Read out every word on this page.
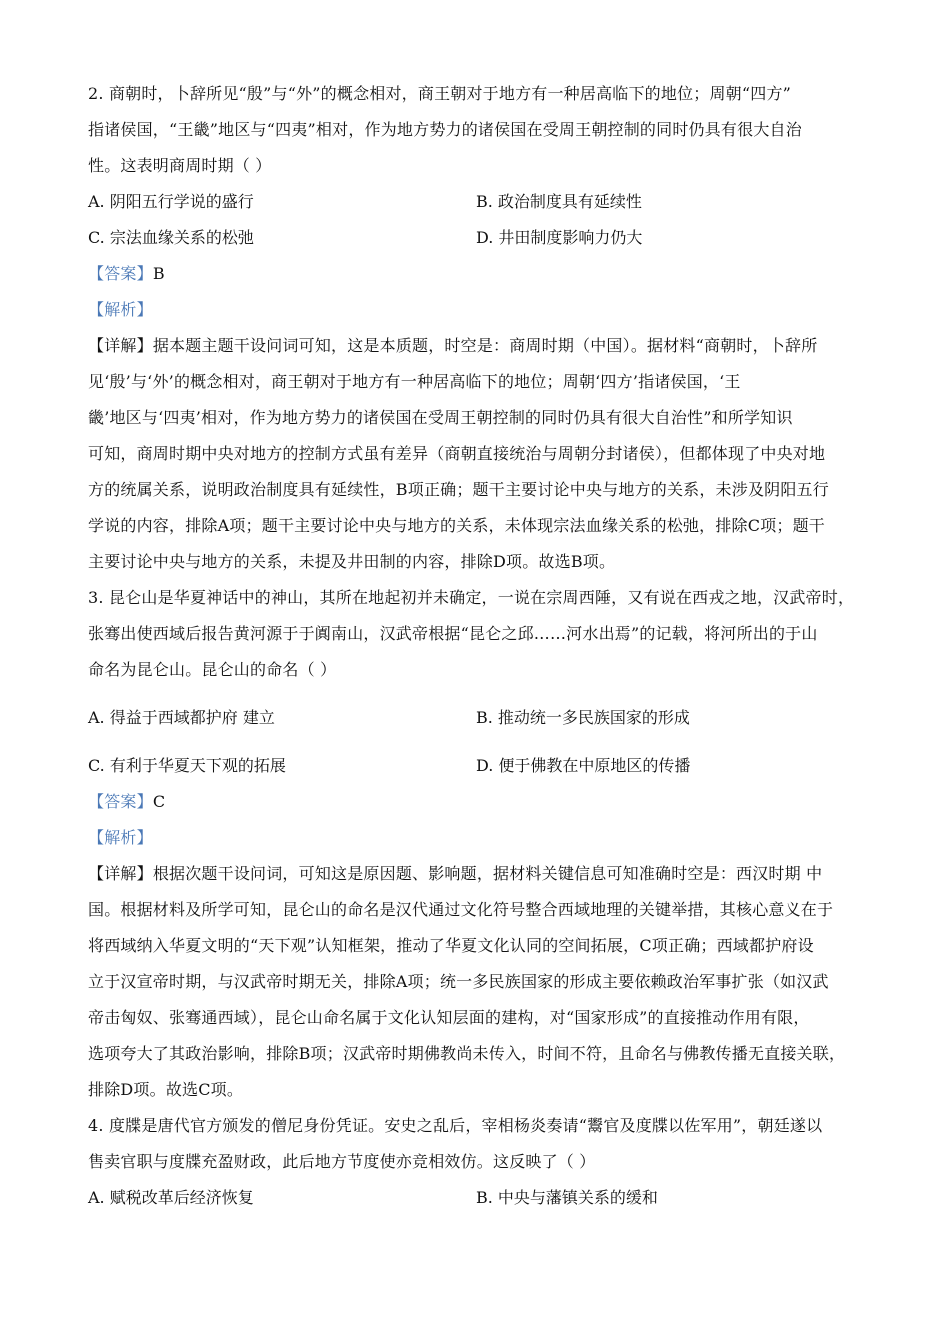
2. 商朝时，卜辞所见“殷”与“外”的概念相对，商王朝对于地方有一种居高临下的地位；周朝“四方”
指诸侯国，“王畿”地区与“四夷”相对，作为地方势力的诸侯国在受周王朝控制的同时仍具有很大自治
性。这表明商周时期（ ）
A. 阴阳五行学说的盛行	B. 政治制度具有延续性
C. 宗法血缘关系的松弛	D. 井田制度影响力仍大
【答案】B
【解析】
【详解】据本题主题干设问词可知，这是本质题，时空是：商周时期（中国）。据材料“商朝时，卜辞所
见‘殷’与‘外’的概念相对，商王朝对于地方有一种居高临下的地位；周朝‘四方’指诸侯国，‘王
畿’地区与‘四夷’相对，作为地方势力的诸侯国在受周王朝控制的同时仍具有很大自治性”和所学知识
可知，商周时期中央对地方的控制方式虽有差异（商朝直接统治与周朝分封诸侯），但都体现了中央对地
方的统属关系，说明政治制度具有延续性，B项正确；题干主要讨论中央与地方的关系，未涉及阴阳五行
学说的内容，排除A项；题干主要讨论中央与地方的关系，未体现宗法血缘关系的松弛，排除C项；题干
主要讨论中央与地方的关系，未提及井田制的内容，排除D项。故选B项。
3. 昆仑山是华夏神话中的神山，其所在地起初并未确定，一说在宗周西陲，又有说在西戎之地，汉武帝时，
张骞出使西域后报告黄河源于于阗南山，汉武帝根据“昆仑之邱……河水出焉”的记载，将河所出的于山
命名为昆仑山。昆仑山的命名（ ）
A. 得益于西域都护府 建立	B. 推动统一多民族国家的形成
C. 有利于华夏天下观的拓展	D. 便于佛教在中原地区的传播
【答案】C
【解析】
【详解】根据次题干设问词，可知这是原因题、影响题，据材料关键信息可知准确时空是：西汉时期 中
国。根据材料及所学可知，昆仑山的命名是汉代通过文化符号整合西域地理的关键举措，其核心意义在于
将西域纳入华夏文明的“天下观”认知框架，推动了华夏文化认同的空间拓展，C项正确；西域都护府设
立于汉宣帝时期，与汉武帝时期无关，排除A项；统一多民族国家的形成主要依赖政治军事扩张（如汉武
帝击匈奴、张骞通西域），昆仑山命名属于文化认知层面的建构，对“国家形成”的直接推动作用有限，
选项夸大了其政治影响，排除B项；汉武帝时期佛教尚未传入，时间不符，且命名与佛教传播无直接关联，
排除D项。故选C项。
4. 度牒是唐代官方颁发的僧尼身份凭证。安史之乱后，宰相杨炎奏请“鬻官及度牒以佐军用”，朝廷遂以
售卖官职与度牒充盈财政，此后地方节度使亦竞相效仿。这反映了（ ）
A. 赋税改革后经济恢复	B. 中央与藩镇关系的缓和
